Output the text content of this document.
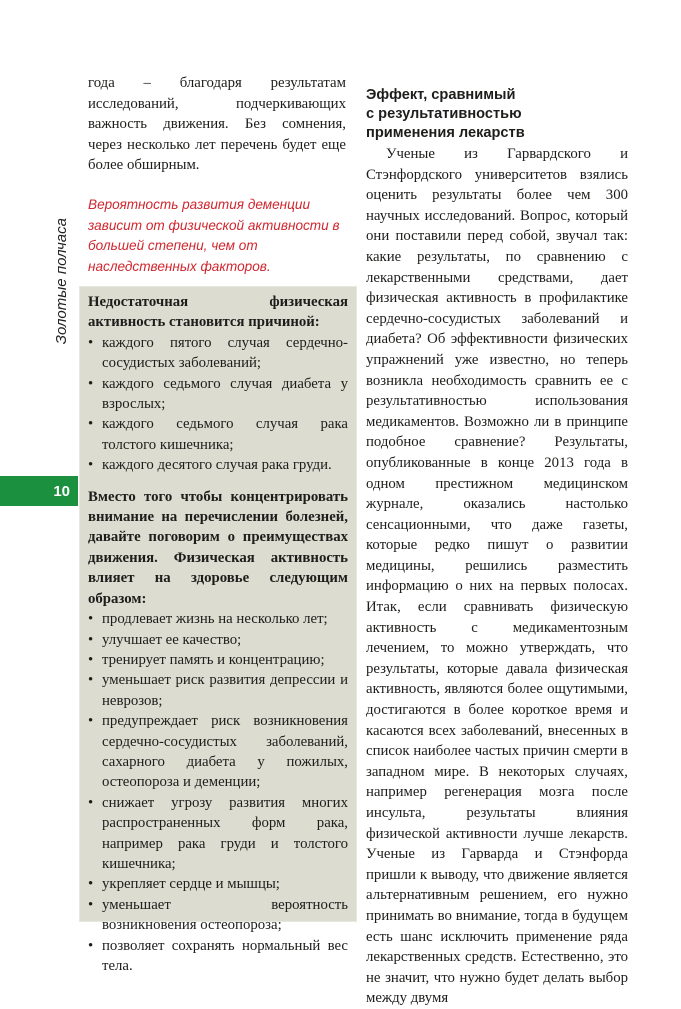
Золотые полчаса
10

года – благодаря результатам исследований, подчеркивающих важность движения. Без сомнения, через несколько лет перечень будет еще более обширным.

Вероятность развития деменции зависит от физической активности в большей степени, чем от наследственных факторов.

Недостаточная физическая активность становится причиной:

• каждого пятого случая сердечно-сосудистых заболеваний;
• каждого седьмого случая диабета у взрослых;
• каждого седьмого случая рака толстого кишечника;
• каждого десятого случая рака груди.

Вместо того чтобы концентрировать внимание на перечислении болезней, давайте поговорим о преимуществах движения. Физическая активность влияет на здоровье следующим образом:

• продлевает жизнь на несколько лет;
• улучшает ее качество;
• тренирует память и концентрацию;
• уменьшает риск развития депрессии и неврозов;
• предупреждает риск возникновения сердечно-сосудистых заболеваний, сахарного диабета у пожилых, остеопороза и деменции;
• снижает угрозу развития многих распространенных форм рака, например рака груди и толстого кишечника;
• укрепляет сердце и мышцы;
• уменьшает вероятность возникновения остеопороза;
• позволяет сохранять нормальный вес тела.
Эффект, сравнимый
с результативностью
применения лекарств

Ученые из Гарвардского и Стэнфордского университетов взялись оценить результаты более чем 300 научных исследований. Вопрос, который они поставили перед собой, звучал так: какие результаты, по сравнению с лекарственными средствами, дает физическая активность в профилактике сердечно-сосудистых заболеваний и диабета? Об эффективности физических упражнений уже известно, но теперь возникла необходимость сравнить ее с результативностью использования медикаментов. Возможно ли в принципе подобное сравнение? Результаты, опубликованные в конце 2013 года в одном престижном медицинском журнале, оказались настолько сенсационными, что даже газеты, которые редко пишут о развитии медицины, решились разместить информацию о них на первых полосах. Итак, если сравнивать физическую активность с медикаментозным лечением, то можно утверждать, что результаты, которые давала физическая активность, являются более ощутимыми, достигаются в более короткое время и касаются всех заболеваний, внесенных в список наиболее частых причин смерти в западном мире. В некоторых случаях, например регенерация мозга после инсульта, результаты влияния физической активности лучше лекарств. Ученые из Гарварда и Стэнфорда пришли к выводу, что движение является альтернативным решением, его нужно принимать во внимание, тогда в будущем есть шанс исключить применение ряда лекарственных средств. Естественно, это не значит, что нужно будет делать выбор между двумя
